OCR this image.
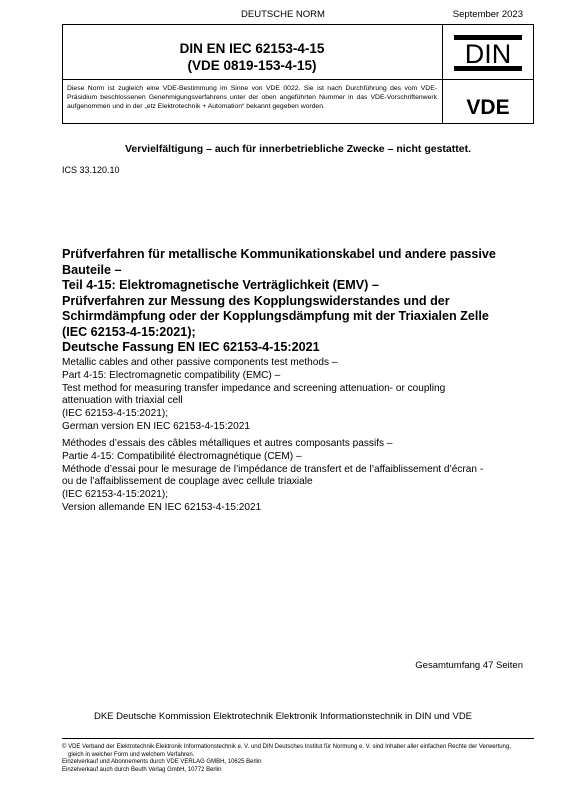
DEUTSCHE NORM	September 2023
DIN EN IEC 62153-4-15
(VDE 0819-153-4-15)	DIN
Diese Norm ist zugleich eine VDE-Bestimmung im Sinne von VDE 0022. Sie ist nach Durchführung des vom VDE-Präsidium beschlossenen Genehmigungsverfahrens unter der oben angeführten Nummer in das VDE-Vorschriftenwerk aufgenommen und in der „etz Elektrotechnik + Automation“ bekannt gegeben worden.	VDE
Vervielfältigung – auch für innerbetriebliche Zwecke – nicht gestattet.
ICS 33.120.10
Prüfverfahren für metallische Kommunikationskabel und andere passive
Bauteile –
Teil 4-15: Elektromagnetische Verträglichkeit (EMV) –
Prüfverfahren zur Messung des Kopplungswiderstandes und der
Schirmdämpfung oder der Kopplungsdämpfung mit der Triaxialen Zelle
(IEC 62153-4-15:2021);
Deutsche Fassung EN IEC 62153-4-15:2021
Metallic cables and other passive components test methods –
Part 4-15: Electromagnetic compatibility (EMC) –
Test method for measuring transfer impedance and screening attenuation- or coupling
attenuation with triaxial cell
(IEC 62153-4-15:2021);
German version EN IEC 62153-4-15:2021
Méthodes d’essais des câbles métalliques et autres composants passifs –
Partie 4-15: Compatibilité électromagnétique (CEM) –
Méthode d’essai pour le mesurage de l’impédance de transfert et de l’affaiblissement d’écran -
ou de l’affaiblissement de couplage avec cellule triaxiale
(IEC 62153-4-15:2021);
Version allemande EN IEC 62153-4-15:2021
Gesamtumfang 47 Seiten
DKE Deutsche Kommission Elektrotechnik Elektronik Informationstechnik in DIN und VDE
© VDE Verband der Elektrotechnik Elektronik Informationstechnik e. V. und DIN Deutsches Institut für Normung e. V. sind Inhaber aller einfachen Rechte der Verwertung,
gleich in welcher Form und welchem Verfahren.
Einzelverkauf und Abonnements durch VDE VERLAG GMBH, 10625 Berlin
Einzelverkauf auch durch Beuth Verlag GmbH, 10772 Berlin
